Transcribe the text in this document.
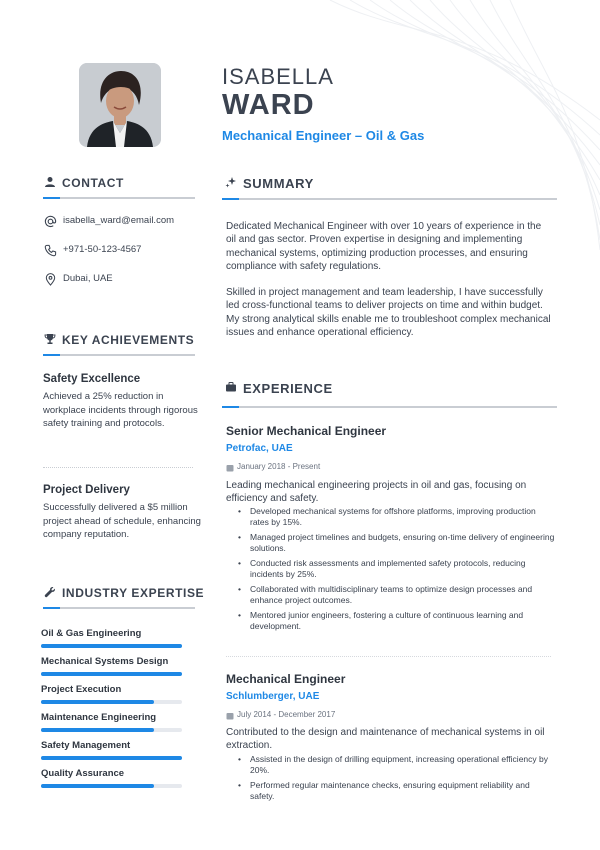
ISABELLA
WARD
Mechanical Engineer – Oil & Gas
CONTACT
isabella_ward@email.com
+971-50-123-4567
Dubai, UAE
KEY ACHIEVEMENTS
Safety Excellence
Achieved a 25% reduction in workplace incidents through rigorous safety training and protocols.
Project Delivery
Successfully delivered a $5 million project ahead of schedule, enhancing company reputation.
INDUSTRY EXPERTISE
Oil & Gas Engineering
Mechanical Systems Design
Project Execution
Maintenance Engineering
Safety Management
Quality Assurance
SUMMARY
Dedicated Mechanical Engineer with over 10 years of experience in the oil and gas sector. Proven expertise in designing and implementing mechanical systems, optimizing production processes, and ensuring compliance with safety regulations.
Skilled in project management and team leadership, I have successfully led cross-functional teams to deliver projects on time and within budget. My strong analytical skills enable me to troubleshoot complex mechanical issues and enhance operational efficiency.
EXPERIENCE
Senior Mechanical Engineer
Petrofac, UAE
January 2018 - Present
Leading mechanical engineering projects in oil and gas, focusing on efficiency and safety.
• Developed mechanical systems for offshore platforms, improving production rates by 15%.
• Managed project timelines and budgets, ensuring on-time delivery of engineering solutions.
• Conducted risk assessments and implemented safety protocols, reducing incidents by 25%.
• Collaborated with multidisciplinary teams to optimize design processes and enhance project outcomes.
• Mentored junior engineers, fostering a culture of continuous learning and development.
Mechanical Engineer
Schlumberger, UAE
July 2014 - December 2017
Contributed to the design and maintenance of mechanical systems in oil extraction.
• Assisted in the design of drilling equipment, increasing operational efficiency by 20%.
• Performed regular maintenance checks, ensuring equipment reliability and safety.
